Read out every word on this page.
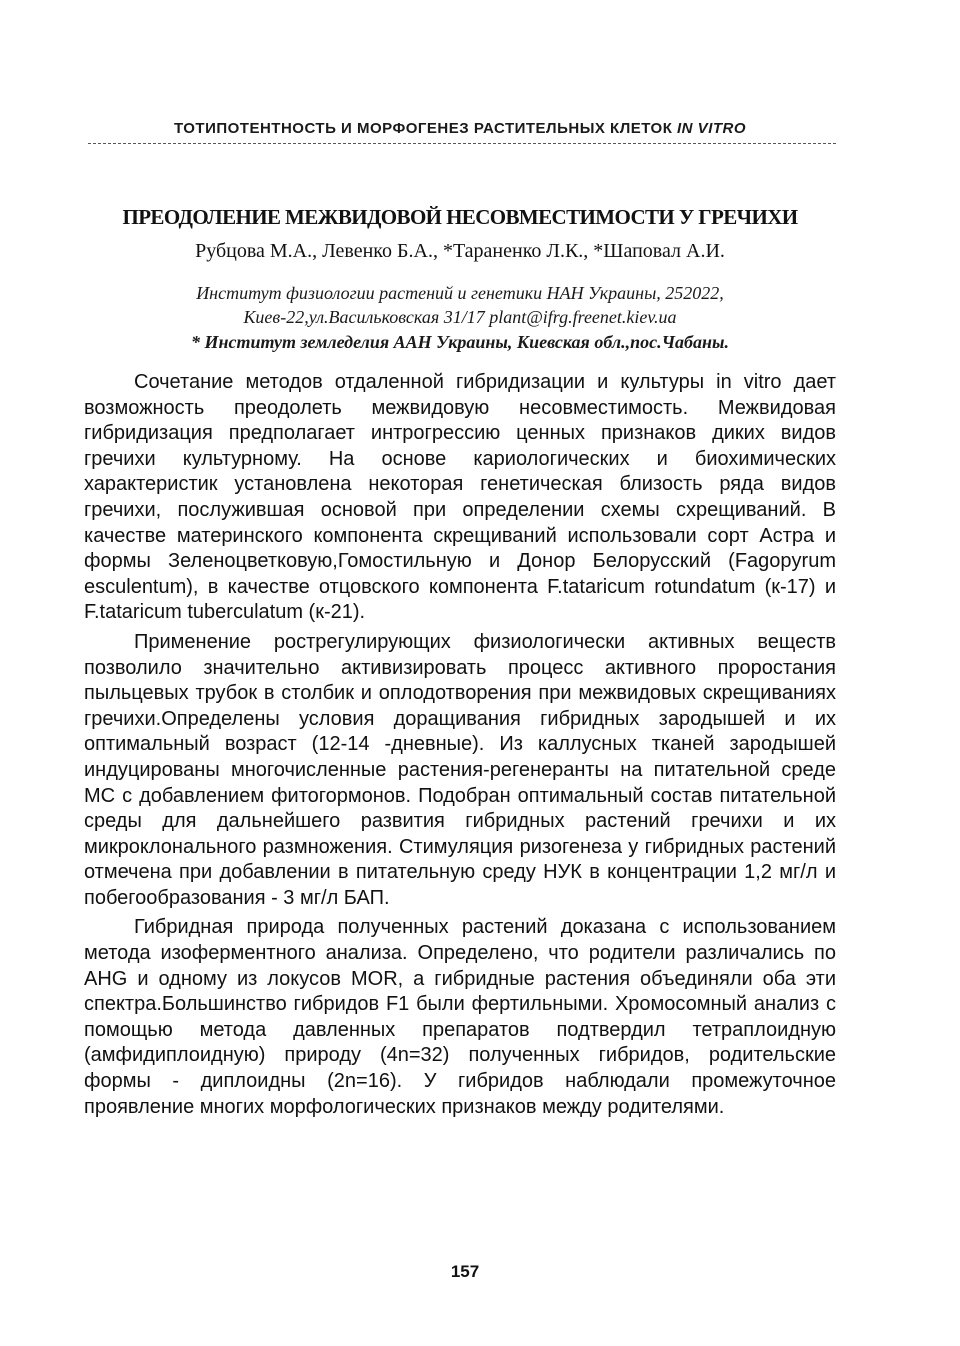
ТОТИПОТЕНТНОСТЬ И МОРФОГЕНЕЗ РАСТИТЕЛЬНЫХ КЛЕТОК IN VITRO
ПРЕОДОЛЕНИЕ МЕЖВИДОВОЙ НЕСОВМЕСТИМОСТИ У ГРЕЧИХИ
Рубцова М.А., Левенко Б.А., *Тараненко Л.К., *Шаповал А.И.
Институт физиологии растений и генетики НАН Украины, 252022,
Киев-22,ул.Васильковская 31/17 plant@ifrg.freenet.kiev.ua
* Институт земледелия ААН Украины, Киевская обл.,пос.Чабаны.

Сочетание методов отдаленной гибридизации и культуры in vitro дает возможность преодолеть межвидовую несовместимость. Межвидовая гибридизация предполагает интрогрессию ценных признаков диких видов гречихи культурному. На основе кариологических и биохимических характеристик установлена некоторая генетическая близость ряда видов гречихи, послужившая основой при определении схемы схрещиваний. В качестве материнского компонента скрещиваний использовали сорт Астра и формы Зеленоцветковую,Гомостильную и Донор Белорусский (Fagopyrum esculentum), в качестве отцовского компонента F.tataricum rotundatum (к-17) и F.tataricum tuberculatum (к-21).

Применение рострегулирующих физиологически активных веществ позволило значительно активизировать процесс активного проростания пыльцевых трубок в столбик и оплодотворения при межвидовых скрещиваниях гречихи.Определены условия доращивания гибридных зародышей и их оптимальный возраст (12-14 -дневные). Из каллусных тканей зародышей индуцированы многочисленные растения-регенеранты на питательной среде МС с добавлением фитогормонов. Подобран оптимальный состав питательной среды для дальнейшего развития гибридных растений гречихи и их микроклонального размножения. Стимуляция ризогенеза у гибридных растений отмечена при добавлении в питательную среду НУК в концентрации 1,2 мг/л и побегообразования - 3 мг/л БАП.

Гибридная природа полученных растений доказана с использованием метода изоферментного анализа. Определено, что родители различались по AHG и одному из локусов MOR, а гибридные растения объединяли оба эти спектра.Большинство гибридов F1 были фертильными. Хромосомный анализ с помощью метода давленных препаратов подтвердил тетраплоидную (амфидиплоидную) природу (4n=32) полученных гибридов, родительские формы - диплоидны (2n=16). У гибридов наблюдали промежуточное проявление многих морфологических признаков между родителями.

157
